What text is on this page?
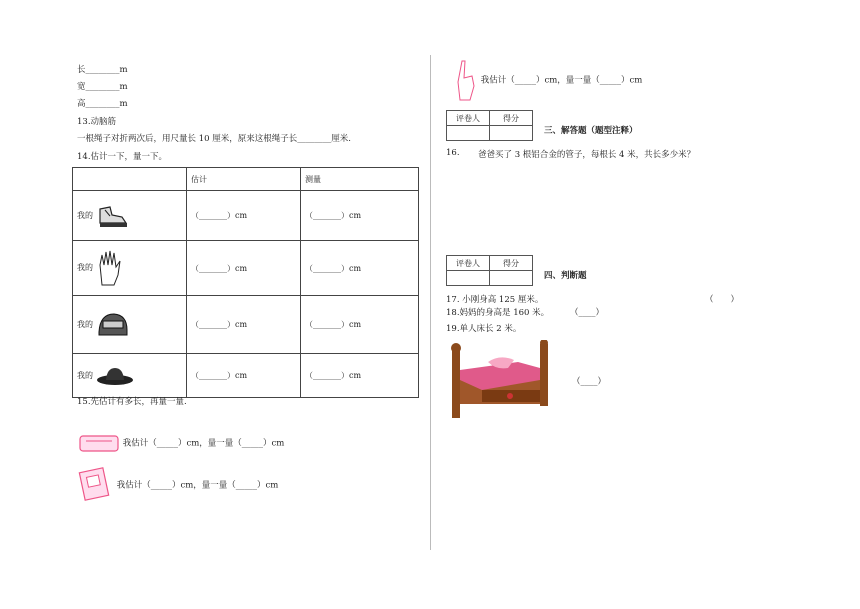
长________m
宽________m
高________m
13.动脑筋
一根绳子对折两次后，用尺量长 10 厘米，原来这根绳子长________厘米.
14.估计一下，量一下。
	估计	测量
我的	（_______）cm	（_______）cm
我的	（_______）cm	（_______）cm
我的	（_______）cm	（_______）cm
我的	（_______）cm	（_______）cm
15.先估计有多长，再量一量.
我估计（_____）cm，量一量（_____）cm
我估计（_____）cm，量一量（_____）cm
我估计（_____）cm，量一量（_____）cm
评卷人	得分

三、解答题（题型注释）
16. 爸爸买了 3 根铝合金的管子，每根长 4 米，共长多少米？
评卷人	得分

四、判断题
17. 小刚身高 125 厘米。	（　　）
18.妈妈的身高是 160 米。 （____）
19.单人床长 2 米。
（____）
